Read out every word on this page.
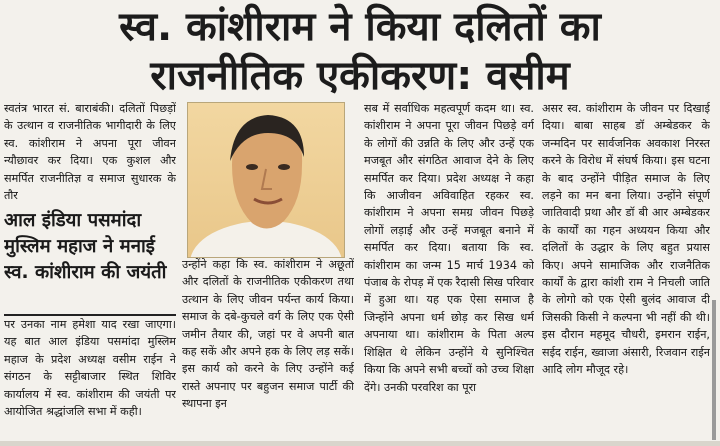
स्व. कांशीराम ने किया दलितों का
राजनीतिक एकीकरण: वसीम
स्वतंत्र भारत सं. बाराबंकी। दलितों पिछड़ों के उत्थान व राजनीतिक भागीदारी के लिए स्व. कांशीराम ने अपना पूरा जीवन न्यौछावर कर दिया। एक कुशल और समर्पित राजनीतिज्ञ व समाज सुधारक के तौर
आल इंडिया पसमांदा मुस्लिम महाज ने मनाई स्व. कांशीराम की जयंती
पर उनका नाम हमेशा याद रखा जाएगा। यह बात आल इंडिया पसमांदा मुस्लिम महाज के प्रदेश अध्यक्ष वसीम राईन ने संगठन के सट्टीबाजार स्थित शिविर कार्यालय में स्व. कांशीराम की जयंती पर आयोजित श्रद्धांजलि सभा में कही।
उन्होंने कहा कि स्व. कांशीराम ने अछूतों और दलितों के राजनीतिक एकीकरण तथा उत्थान के लिए जीवन पर्यन्त कार्य किया। समाज के दबे-कुचले वर्ग के लिए एक ऐसी जमीन तैयार की, जहां पर वे अपनी बात कह सकें और अपने हक के लिए लड़ सकें। इस कार्य को करने के लिए उन्होंने कई रास्ते अपनाए पर बहुजन समाज पार्टी की स्थापना इन
सब में सर्वाधिक महत्वपूर्ण कदम था। स्व. कांशीराम ने अपना पूरा जीवन पिछड़े वर्ग के लोगों की उन्नति के लिए और उन्हें एक मजबूत और संगठित आवाज देने के लिए समर्पित कर दिया। प्रदेश अध्यक्ष ने कहा कि आजीवन अविवाहित रहकर स्व. कांशीराम ने अपना समग्र जीवन पिछड़े लोगों लड़ाई और उन्हें मजबूत बनाने में समर्पित कर दिया। बताया कि स्व. कांशीराम का जन्म 15 मार्च 1934 को पंजाब के रोपड़ में एक रैदासी सिख परिवार में हुआ था। यह एक ऐसा समाज है जिन्होंने अपना धर्म छोड़ कर सिख धर्म अपनाया था। कांशीराम के पिता अल्प शिक्षित थे लेकिन उन्होंने ये सुनिश्चित किया कि अपने सभी बच्चों को उच्च शिक्षा देंगे। उनकी परवरिश का पूरा
असर स्व. कांशीराम के जीवन पर दिखाई दिया। बाबा साहब डॉ अम्बेडकर के जन्मदिन पर सार्वजनिक अवकाश निरस्त करने के विरोध में संघर्ष किया। इस घटना के बाद उन्होंने पीड़ित समाज के लिए लड़ने का मन बना लिया। उन्होंने संपूर्ण जातिवादी प्रथा और डॉ बी आर अम्बेडकर के कार्यों का गहन अध्ययन किया और दलितों के उद्धार के लिए बहुत प्रयास किए। अपने सामाजिक और राजनैतिक कार्यों के द्वारा कांशी राम ने निचली जाति के लोगो को एक ऐसी बुलंद आवाज दी जिसकी किसी ने कल्पना भी नहीं की थी। इस दौरान महमूद चौधरी, इमरान राईन, सईद राईन, ख्वाजा अंसारी, रिजवान राईन आदि लोग मौजूद रहे।
